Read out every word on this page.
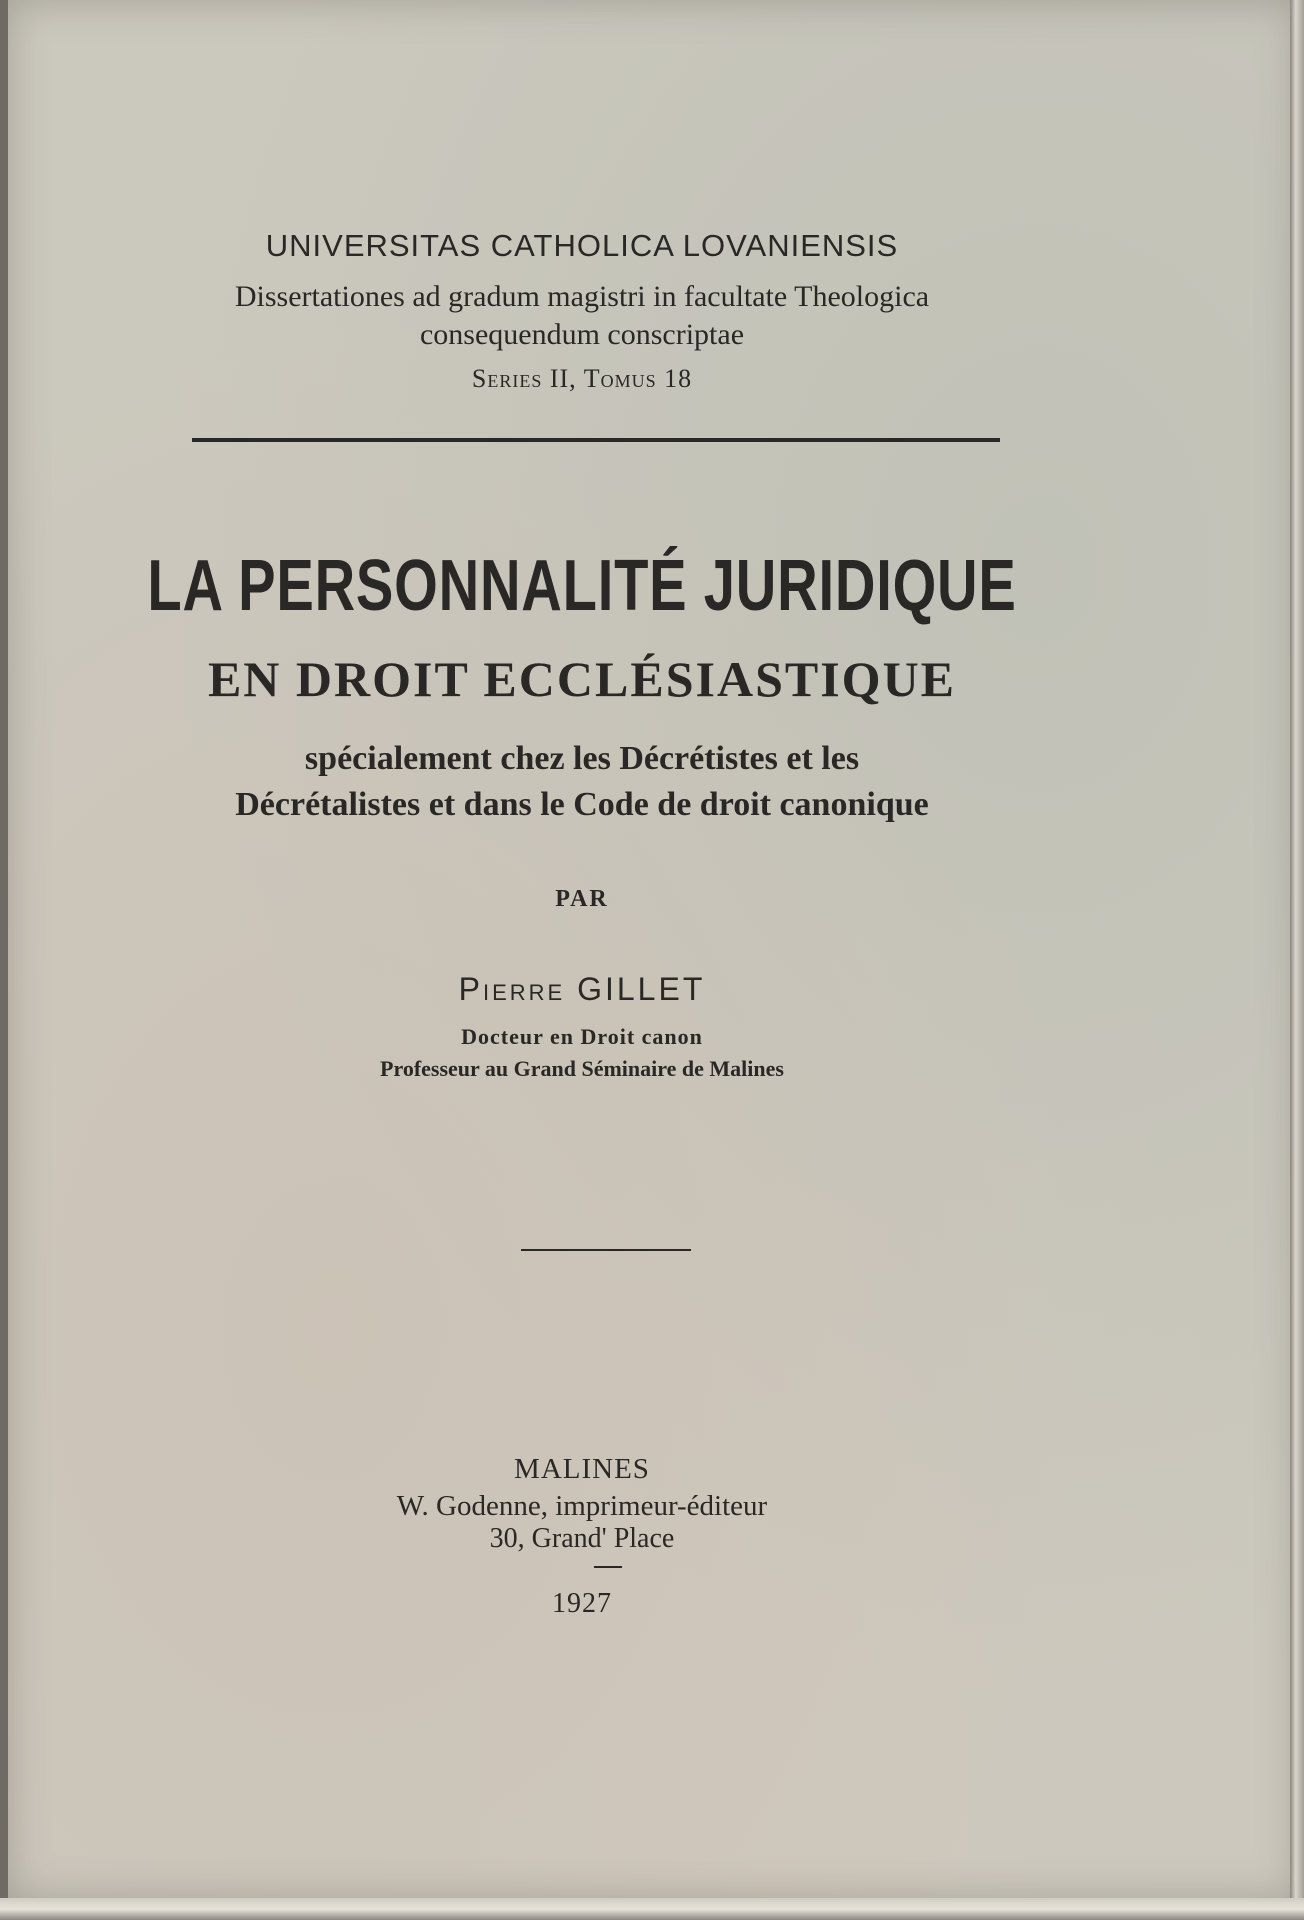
UNIVERSITAS CATHOLICA LOVANIENSIS
Dissertationes ad gradum magistri in facultate Theologica
consequendum conscriptae
Series II, Tomus 18
LA PERSONNALITÉ JURIDIQUE
EN DROIT ECCLÉSIASTIQUE
spécialement chez les Décrétistes et les
Décrétalistes et dans le Code de droit canonique
PAR
Pierre GILLET
Docteur en Droit canon
Professeur au Grand Séminaire de Malines
MALINES
W. Godenne, imprimeur-éditeur
30, Grand' Place
1927
